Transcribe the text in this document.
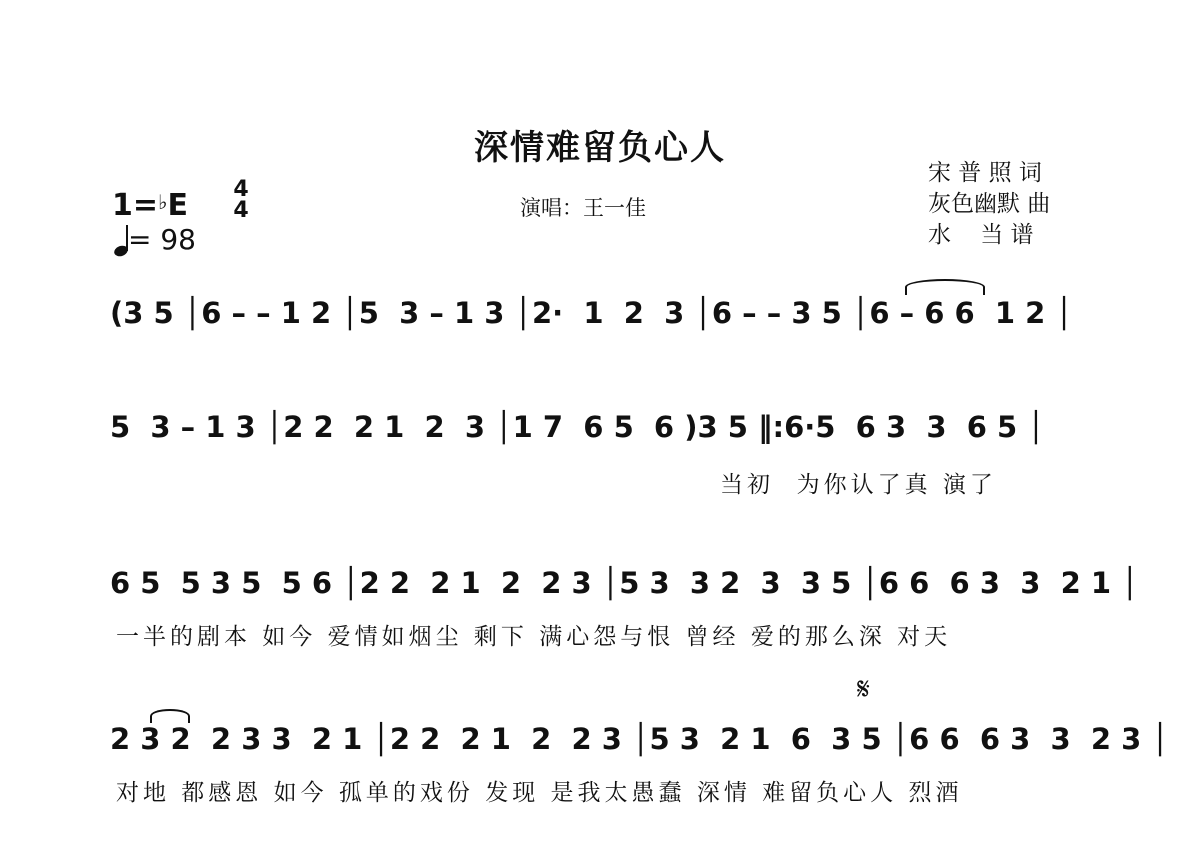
深情难留负心人
1=♭E 4
4
= 98
演唱：王一佳
宋 普 照 词
灰色幽默 曲
水    当 谱
(3 5 │6 – – 1 2 │5  3 – 1 3 │2·  1  2  3 │6 – – 3 5 │6 – 6 6  1 2 │
5  3 – 1 3 │2 2  2 1  2  3 │1 7  6 5  6 )3 5 ‖:6·5  6 3  3  6 5 │
当初  为你认了真 演了
6 5  5 3 5  5 6 │2 2  2 1  2  2 3 │5 3  3 2  3  3 5 │6 6  6 3  3  2 1 │
一半的剧本 如今 爱情如烟尘 剩下 满心怨与恨 曾经 爱的那么深 对天
𝄋
2 3 2  2 3 3  2 1 │2 2  2 1  2  2 3 │5 3  2 1  6  3 5 │6 6  6 3  3  2 3 │
对地 都感恩 如今 孤单的戏份 发现 是我太愚蠢 深情 难留负心人 烈酒
